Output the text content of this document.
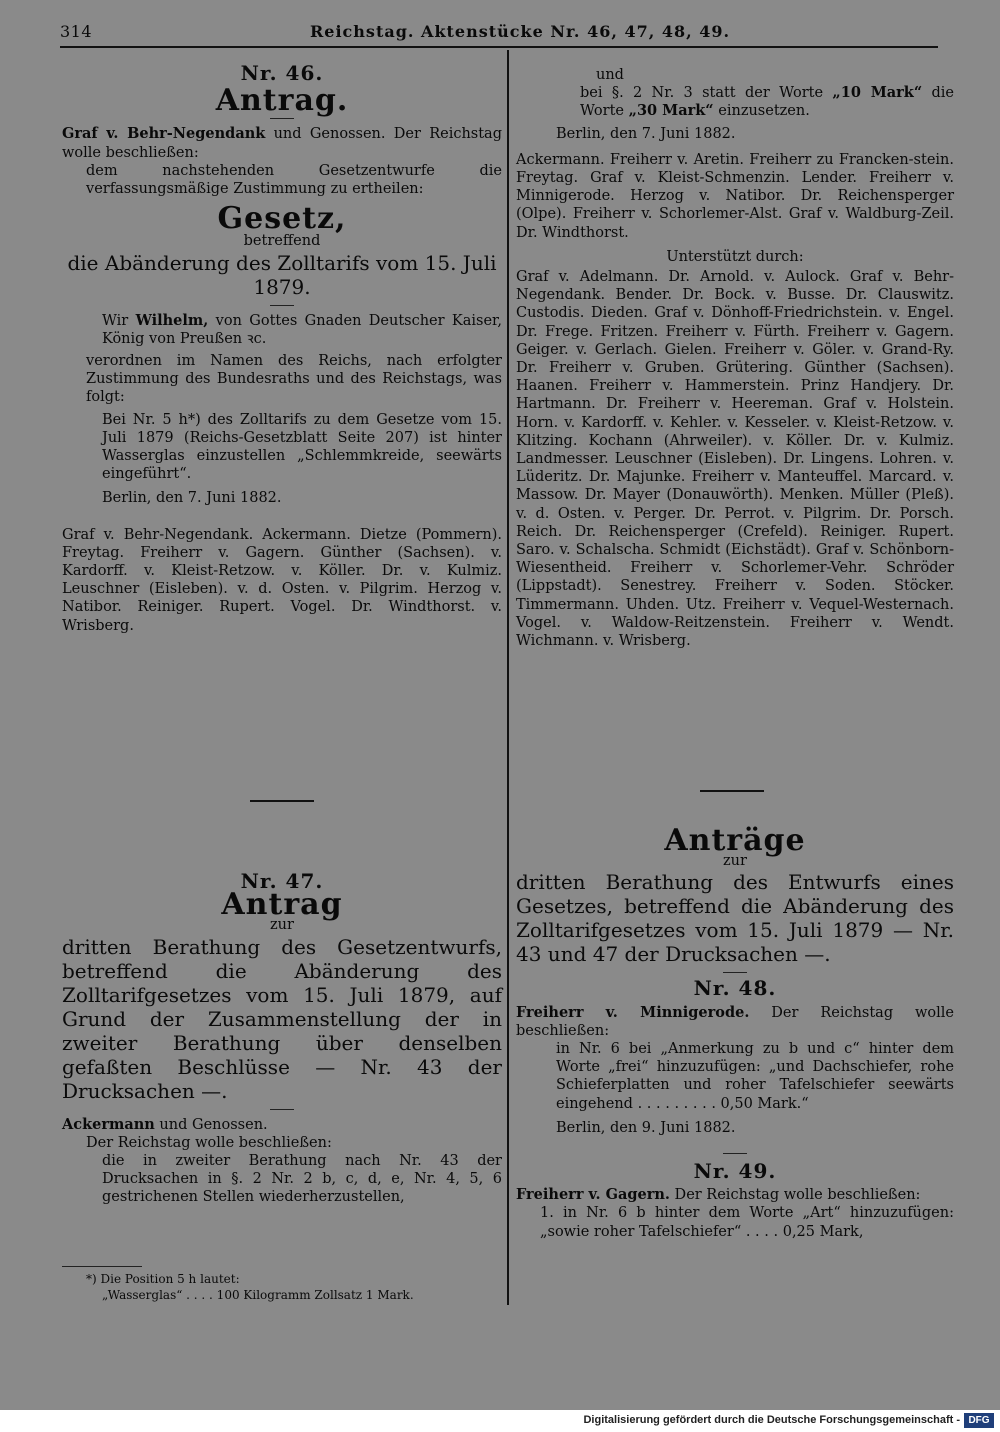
314	Reichstag. Aktenstücke Nr. 46, 47, 48, 49.
Nr. 46.
Antrag.

Graf v. Behr-Negendank und Genossen. Der Reichstag wolle beschließen:

dem nachstehenden Gesetzentwurfe die verfassungsmäßige Zustimmung zu ertheilen:

Gesetz,
betreffend
die Abänderung des Zolltarifs vom 15. Juli 1879.

Wir Wilhelm, von Gottes Gnaden Deutscher Kaiser, König von Preußen ꝛc.

verordnen im Namen des Reichs, nach erfolgter Zustimmung des Bundesraths und des Reichstags, was folgt:

Bei Nr. 5 h*) des Zolltarifs zu dem Gesetze vom 15. Juli 1879 (Reichs-Gesetzblatt Seite 207) ist hinter Wasserglas einzustellen „Schlemmkreide, seewärts eingeführt“.

Berlin, den 7. Juni 1882.

Graf v. Behr-Negendank. Ackermann. Dietze (Pommern). Freytag. Freiherr v. Gagern. Günther (Sachsen). v. Kardorff. v. Kleist-Retzow. v. Köller. Dr. v. Kulmiz. Leuschner (Eisleben). v. d. Osten. v. Pilgrim. Herzog v. Natibor. Reiniger. Rupert. Vogel. Dr. Windthorst. v. Wrisberg.

Nr. 47.
Antrag
zur

dritten Berathung des Gesetzentwurfs, betreffend die Abänderung des Zolltarifgesetzes vom 15. Juli 1879, auf Grund der Zusammenstellung der in zweiter Berathung über denselben gefaßten Beschlüsse — Nr. 43 der Drucksachen —.

Ackermann und Genossen.

Der Reichstag wolle beschließen:

die in zweiter Berathung nach Nr. 43 der Drucksachen in §. 2 Nr. 2 b, c, d, e, Nr. 4, 5, 6 gestrichenen Stellen wiederherzustellen,

*) Die Position 5 h lautet:

„Wasserglas“ . . . . 100 Kilogramm Zollsatz 1 Mark.

und

bei §. 2 Nr. 3 statt der Worte „10 Mark“ die Worte „30 Mark“ einzusetzen.

Berlin, den 7. Juni 1882.

Ackermann. Freiherr v. Aretin. Freiherr zu Francken-stein. Freytag. Graf v. Kleist-Schmenzin. Lender. Freiherr v. Minnigerode. Herzog v. Natibor. Dr. Reichensperger (Olpe). Freiherr v. Schorlemer-Alst. Graf v. Waldburg-Zeil. Dr. Windthorst.

Unterstützt durch:

Graf v. Adelmann. Dr. Arnold. v. Aulock. Graf v. Behr-Negendank. Bender. Dr. Bock. v. Busse. Dr. Clauswitz. Custodis. Dieden. Graf v. Dönhoff-Friedrichstein. v. Engel. Dr. Frege. Fritzen. Freiherr v. Fürth. Freiherr v. Gagern. Geiger. v. Gerlach. Gielen. Freiherr v. Göler. v. Grand-Ry. Dr. Freiherr v. Gruben. Grütering. Günther (Sachsen). Haanen. Freiherr v. Hammerstein. Prinz Handjery. Dr. Hartmann. Dr. Freiherr v. Heereman. Graf v. Holstein. Horn. v. Kardorff. v. Kehler. v. Kesseler. v. Kleist-Retzow. v. Klitzing. Kochann (Ahrweiler). v. Köller. Dr. v. Kulmiz. Landmesser. Leuschner (Eisleben). Dr. Lingens. Lohren. v. Lüderitz. Dr. Majunke. Freiherr v. Manteuffel. Marcard. v. Massow. Dr. Mayer (Donauwörth). Menken. Müller (Pleß). v. d. Osten. v. Perger. Dr. Perrot. v. Pilgrim. Dr. Porsch. Reich. Dr. Reichensperger (Crefeld). Reiniger. Rupert. Saro. v. Schalscha. Schmidt (Eichstädt). Graf v. Schönborn-Wiesentheid. Freiherr v. Schorlemer-Vehr. Schröder (Lippstadt). Senestrey. Freiherr v. Soden. Stöcker. Timmermann. Uhden. Utz. Freiherr v. Vequel-Westernach. Vogel. v. Waldow-Reitzenstein. Freiherr v. Wendt. Wichmann. v. Wrisberg.

Anträge
zur

dritten Berathung des Entwurfs eines Gesetzes, betreffend die Abänderung des Zolltarifgesetzes vom 15. Juli 1879 — Nr. 43 und 47 der Drucksachen —.

Nr. 48.

Freiherr v. Minnigerode. Der Reichstag wolle beschließen:

in Nr. 6 bei „Anmerkung zu b und c“ hinter dem Worte „frei“ hinzuzufügen: „und Dachschiefer, rohe Schieferplatten und roher Tafelschiefer seewärts eingehend . . . . . . . . . 0,50 Mark.“

Berlin, den 9. Juni 1882.

Nr. 49.

Freiherr v. Gagern. Der Reichstag wolle beschließen:

1. in Nr. 6 b hinter dem Worte „Art“ hinzuzufügen: „sowie roher Tafelschiefer“ . . . . 0,25 Mark,

Digitalisierung gefördert durch die Deutsche Forschungsgemeinschaft - DFG
